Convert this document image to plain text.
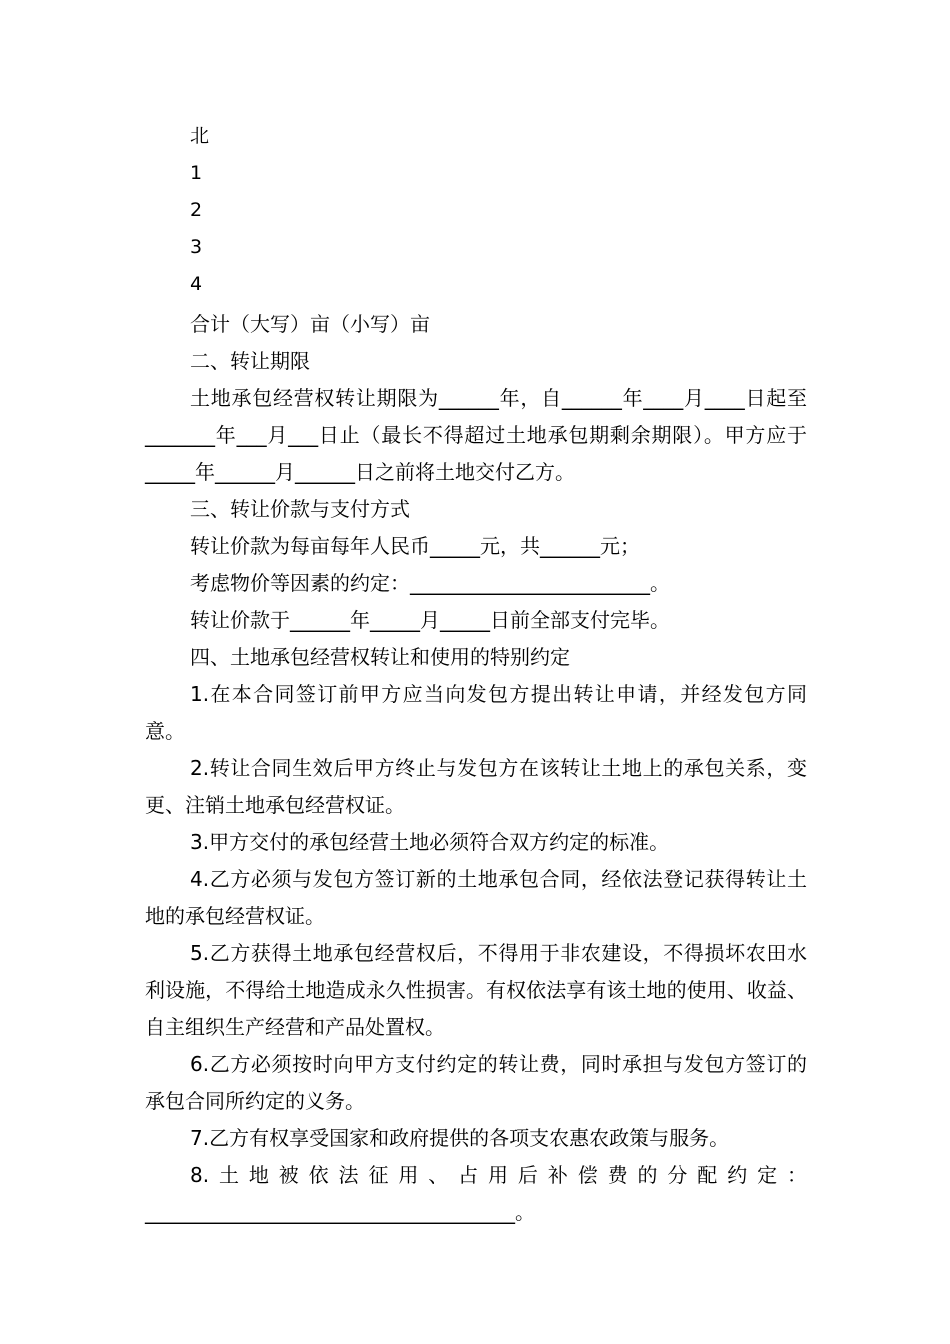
北
1
2
3
4

合计（大写）亩（小写）亩

二、转让期限

土地承包经营权转让期限为______年，自______年____月____日起至_______年___月___日止（最长不得超过土地承包期剩余期限）。甲方应于_____年______月______日之前将土地交付乙方。

三、转让价款与支付方式

转让价款为每亩每年人民币_____元，共______元；

考虑物价等因素的约定：________________________。

转让价款于______年_____月_____日前全部支付完毕。

四、土地承包经营权转让和使用的特别约定

1.在本合同签订前甲方应当向发包方提出转让申请，并经发包方同意。

2.转让合同生效后甲方终止与发包方在该转让土地上的承包关系，变更、注销土地承包经营权证。

3.甲方交付的承包经营土地必须符合双方约定的标准。

4.乙方必须与发包方签订新的土地承包合同，经依法登记获得转让土地的承包经营权证。

5.乙方获得土地承包经营权后，不得用于非农建设，不得损坏农田水利设施，不得给土地造成永久性损害。有权依法享有该土地的使用、收益、自主组织生产经营和产品处置权。

6.乙方必须按时向甲方支付约定的转让费，同时承担与发包方签订的承包合同所约定的义务。

7.乙方有权享受国家和政府提供的各项支农惠农政策与服务。

8.土地被依法征用、占用后补偿费的分配约定：_____________________________________。
